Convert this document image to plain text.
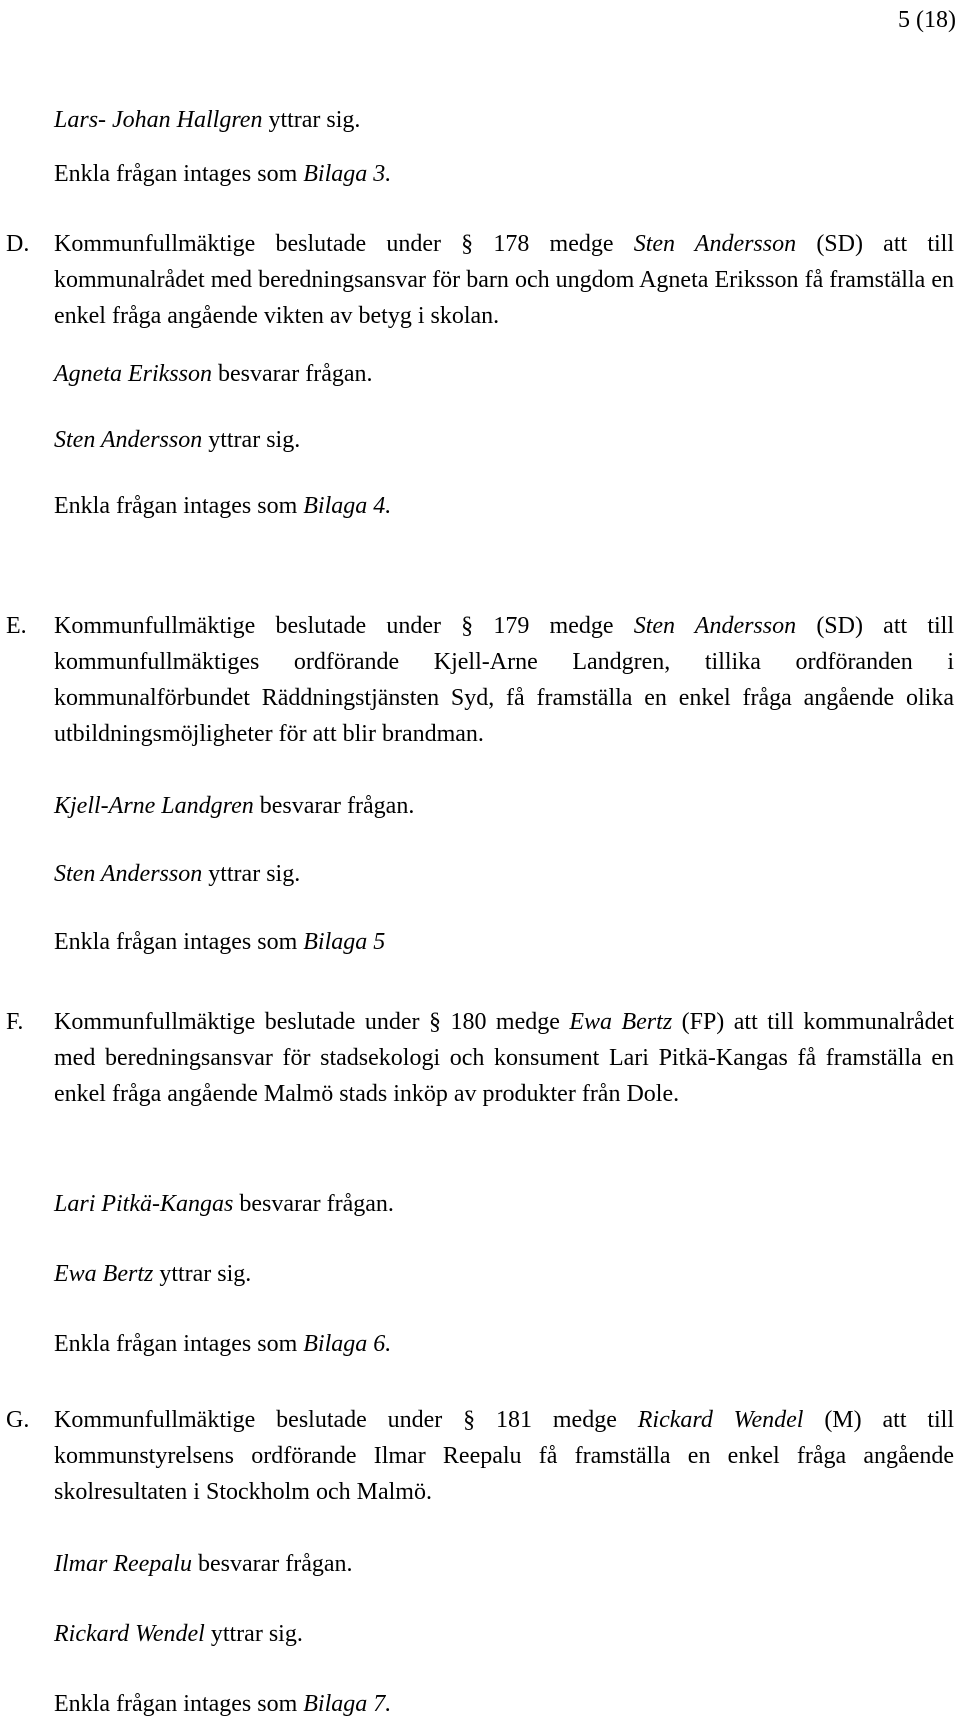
5 (18)
Lars- Johan Hallgren yttrar sig.
Enkla frågan intages som Bilaga 3.
D. Kommunfullmäktige beslutade under § 178 medge Sten Andersson (SD) att till kommunalrådet med beredningsansvar för barn och ungdom Agneta Eriksson få framställa en enkel fråga angående vikten av betyg i skolan.
Agneta Eriksson besvarar frågan.
Sten Andersson yttrar sig.
Enkla frågan intages som Bilaga 4.
E. Kommunfullmäktige beslutade under § 179 medge Sten Andersson (SD) att till kommunfullmäktiges ordförande Kjell-Arne Landgren, tillika ordföranden i kommunalförbundet Räddningstjänsten Syd, få framställa en enkel fråga angående olika utbildningsmöjligheter för att blir brandman.
Kjell-Arne Landgren besvarar frågan.
Sten Andersson yttrar sig.
Enkla frågan intages som Bilaga 5
F. Kommunfullmäktige beslutade under § 180 medge Ewa Bertz (FP) att till kommunalrådet med beredningsansvar för stadsekologi och konsument Lari Pitkä-Kangas få framställa en enkel fråga angående Malmö stads inköp av produkter från Dole.
Lari Pitkä-Kangas besvarar frågan.
Ewa Bertz yttrar sig.
Enkla frågan intages som Bilaga 6.
G. Kommunfullmäktige beslutade under § 181 medge Rickard Wendel (M) att till kommunstyrelsens ordförande Ilmar Reepalu få framställa en enkel fråga angående skolresultaten i Stockholm och Malmö.
Ilmar Reepalu besvarar frågan.
Rickard Wendel yttrar sig.
Enkla frågan intages som Bilaga 7.
